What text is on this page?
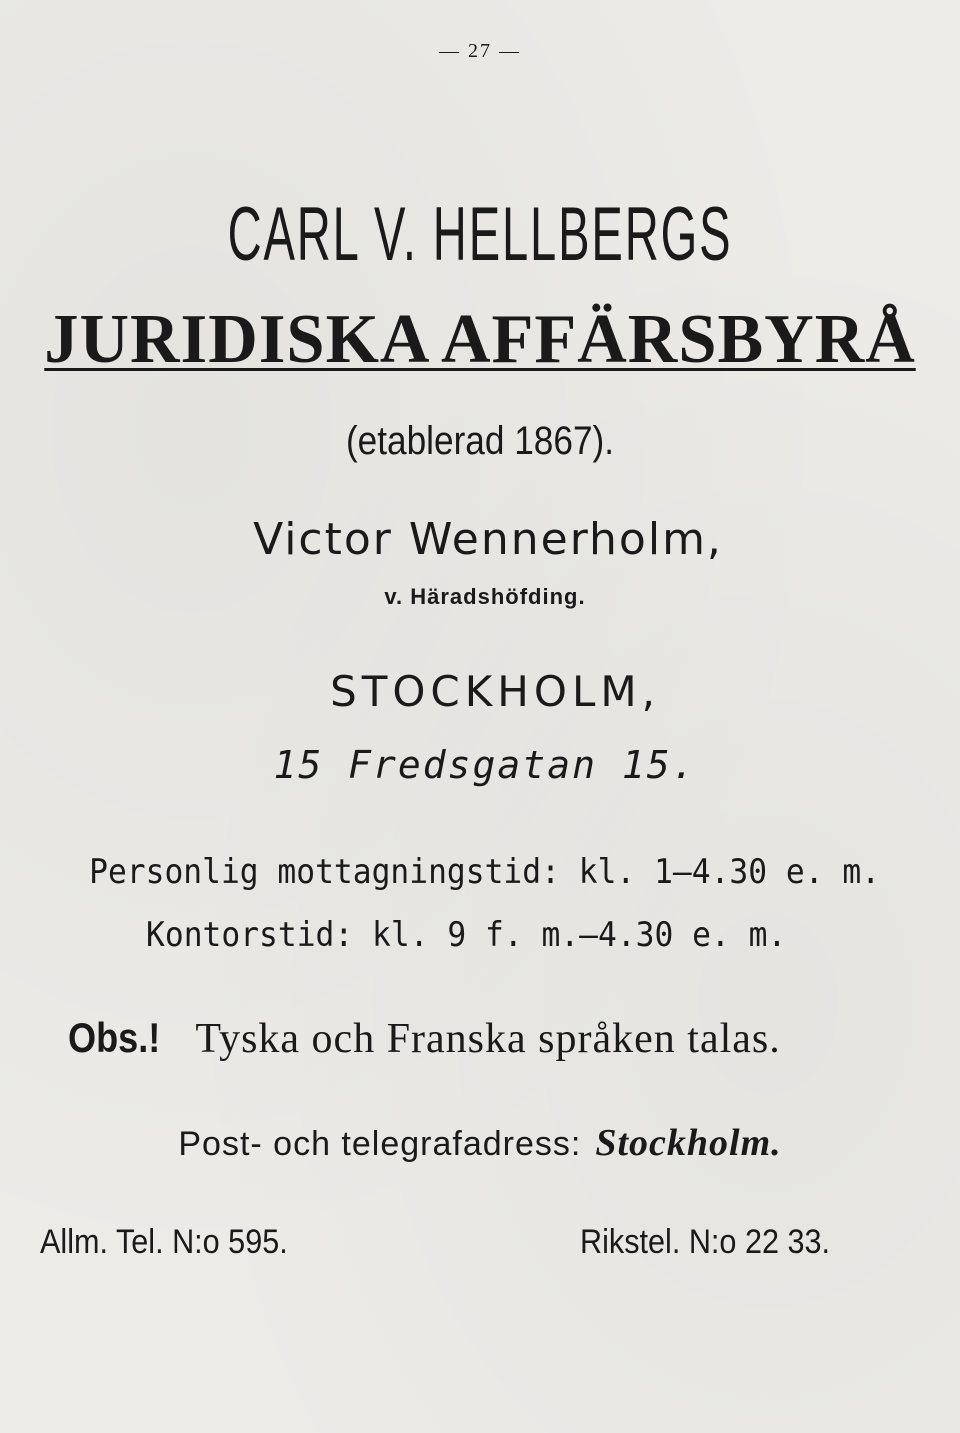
— 27 —
CARL V. HELLBERGS
JURIDISKA AFFÄRSBYRÅ
(etablerad 1867).
Victor Wennerholm,
v. Häradshöfding.
STOCKHOLM,
15 Fredsgatan 15.
Personlig mottagningstid: kl. 1—4.30 e. m.
Kontorstid: kl. 9 f. m.—4.30 e. m.
Obs.! Tyska och Franska språken talas.
Post- och telegrafadress: Stockholm.
Allm. Tel. N:o 595.	Rikstel. N:o 22 33.
